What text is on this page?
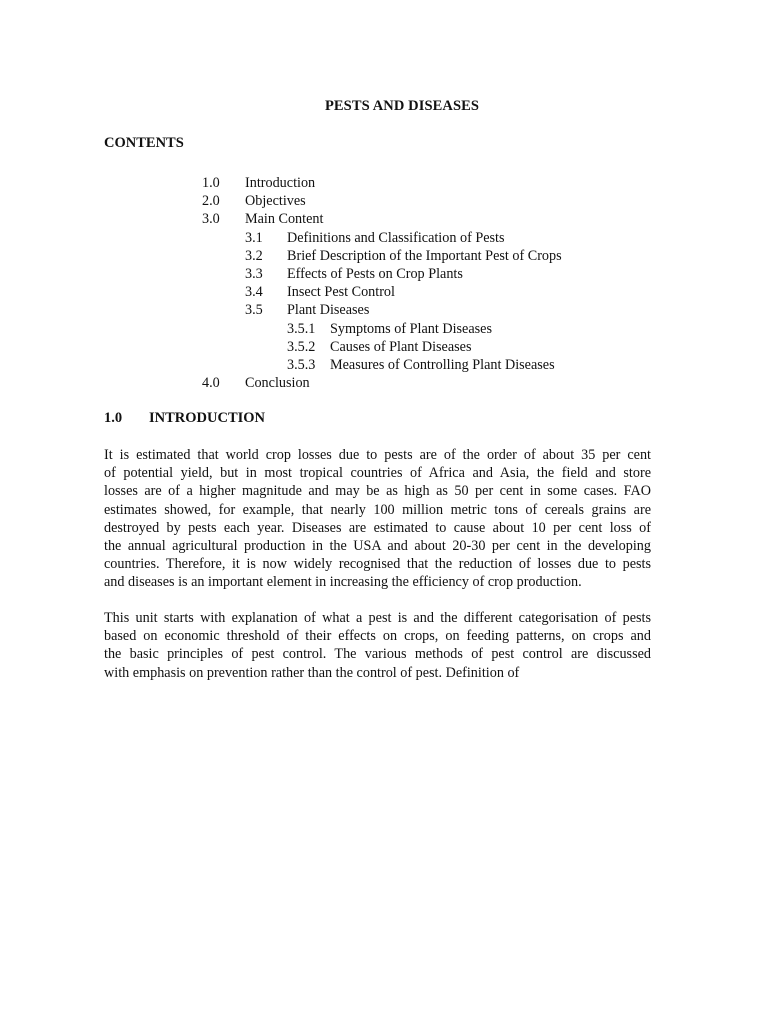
PESTS AND DISEASES
CONTENTS
1.0 Introduction
2.0 Objectives
3.0 Main Content
3.1 Definitions and Classification of Pests
3.2 Brief Description of the Important Pest of Crops
3.3 Effects of Pests on Crop Plants
3.4 Insect Pest Control
3.5 Plant Diseases
3.5.1 Symptoms of Plant Diseases
3.5.2 Causes of Plant Diseases
3.5.3 Measures of Controlling Plant Diseases
4.0 Conclusion
1.0 INTRODUCTION
It is estimated that world crop losses due to pests are of the order of about 35 per cent
of potential yield, but in most tropical countries of Africa and Asia, the field and store
losses are of a higher magnitude and may be as high as 50 per cent in some cases. FAO
estimates showed, for example, that nearly 100 million metric tons of cereals grains are
destroyed by pests each year. Diseases are estimated to cause about 10 per cent loss of
the annual agricultural production in the USA and about 20-30 per cent in the developing
countries. Therefore, it is now widely recognised that the reduction of losses due to pests
and diseases is an important element in increasing the efficiency of crop production.
This unit starts with explanation of what a pest is and the different categorisation of pests
based on economic threshold of their effects on crops, on feeding patterns, on crops and
the basic principles of pest control. The various methods of pest control are discussed
with emphasis on prevention rather than the control of pest. Definition of
